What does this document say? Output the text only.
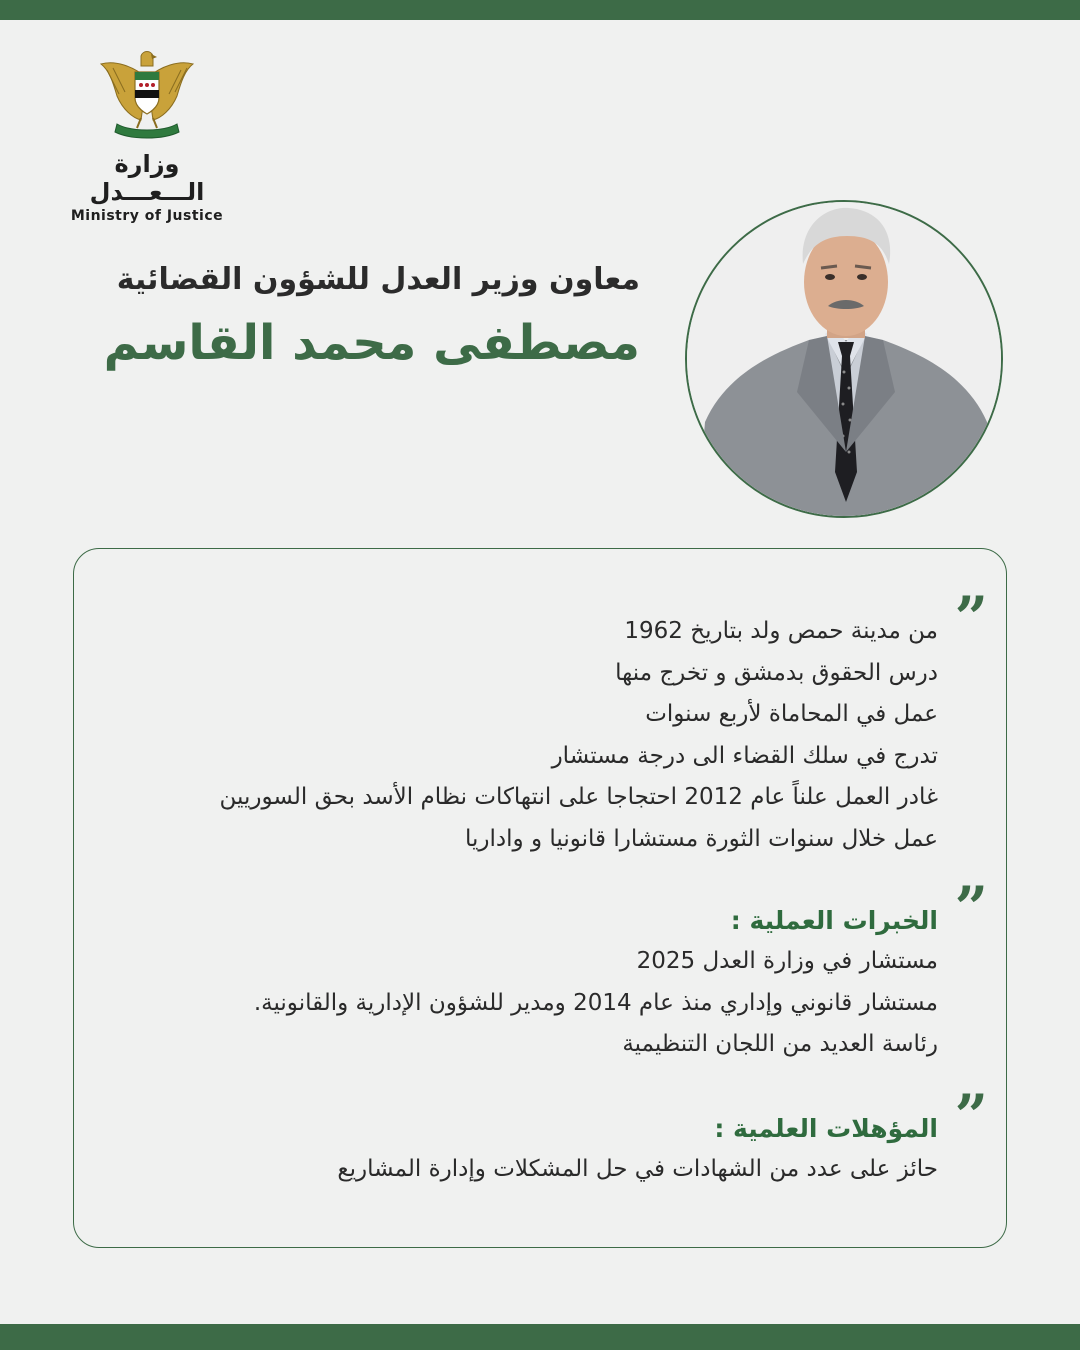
وزارة الـــعـــدل
Ministry of Justice
معاون وزير العدل للشؤون القضائية
مصطفى محمد القاسم
”
من مدينة حمص ولد بتاريخ 1962
درس الحقوق بدمشق و تخرج منها
عمل في المحاماة لأربع سنوات
تدرج في سلك القضاء الى درجة مستشار
غادر العمل علناً عام 2012 احتجاجا على انتهاكات نظام الأسد بحق السوريين
عمل خلال سنوات الثورة مستشارا قانونيا و واداريا
”
الخبرات العملية :
مستشار في وزارة العدل 2025
مستشار قانوني وإداري منذ عام 2014 ومدير للشؤون الإدارية والقانونية.
رئاسة العديد من اللجان التنظيمية
”
المؤهلات العلمية :
حائز على عدد من الشهادات في حل المشكلات وإدارة المشاريع
